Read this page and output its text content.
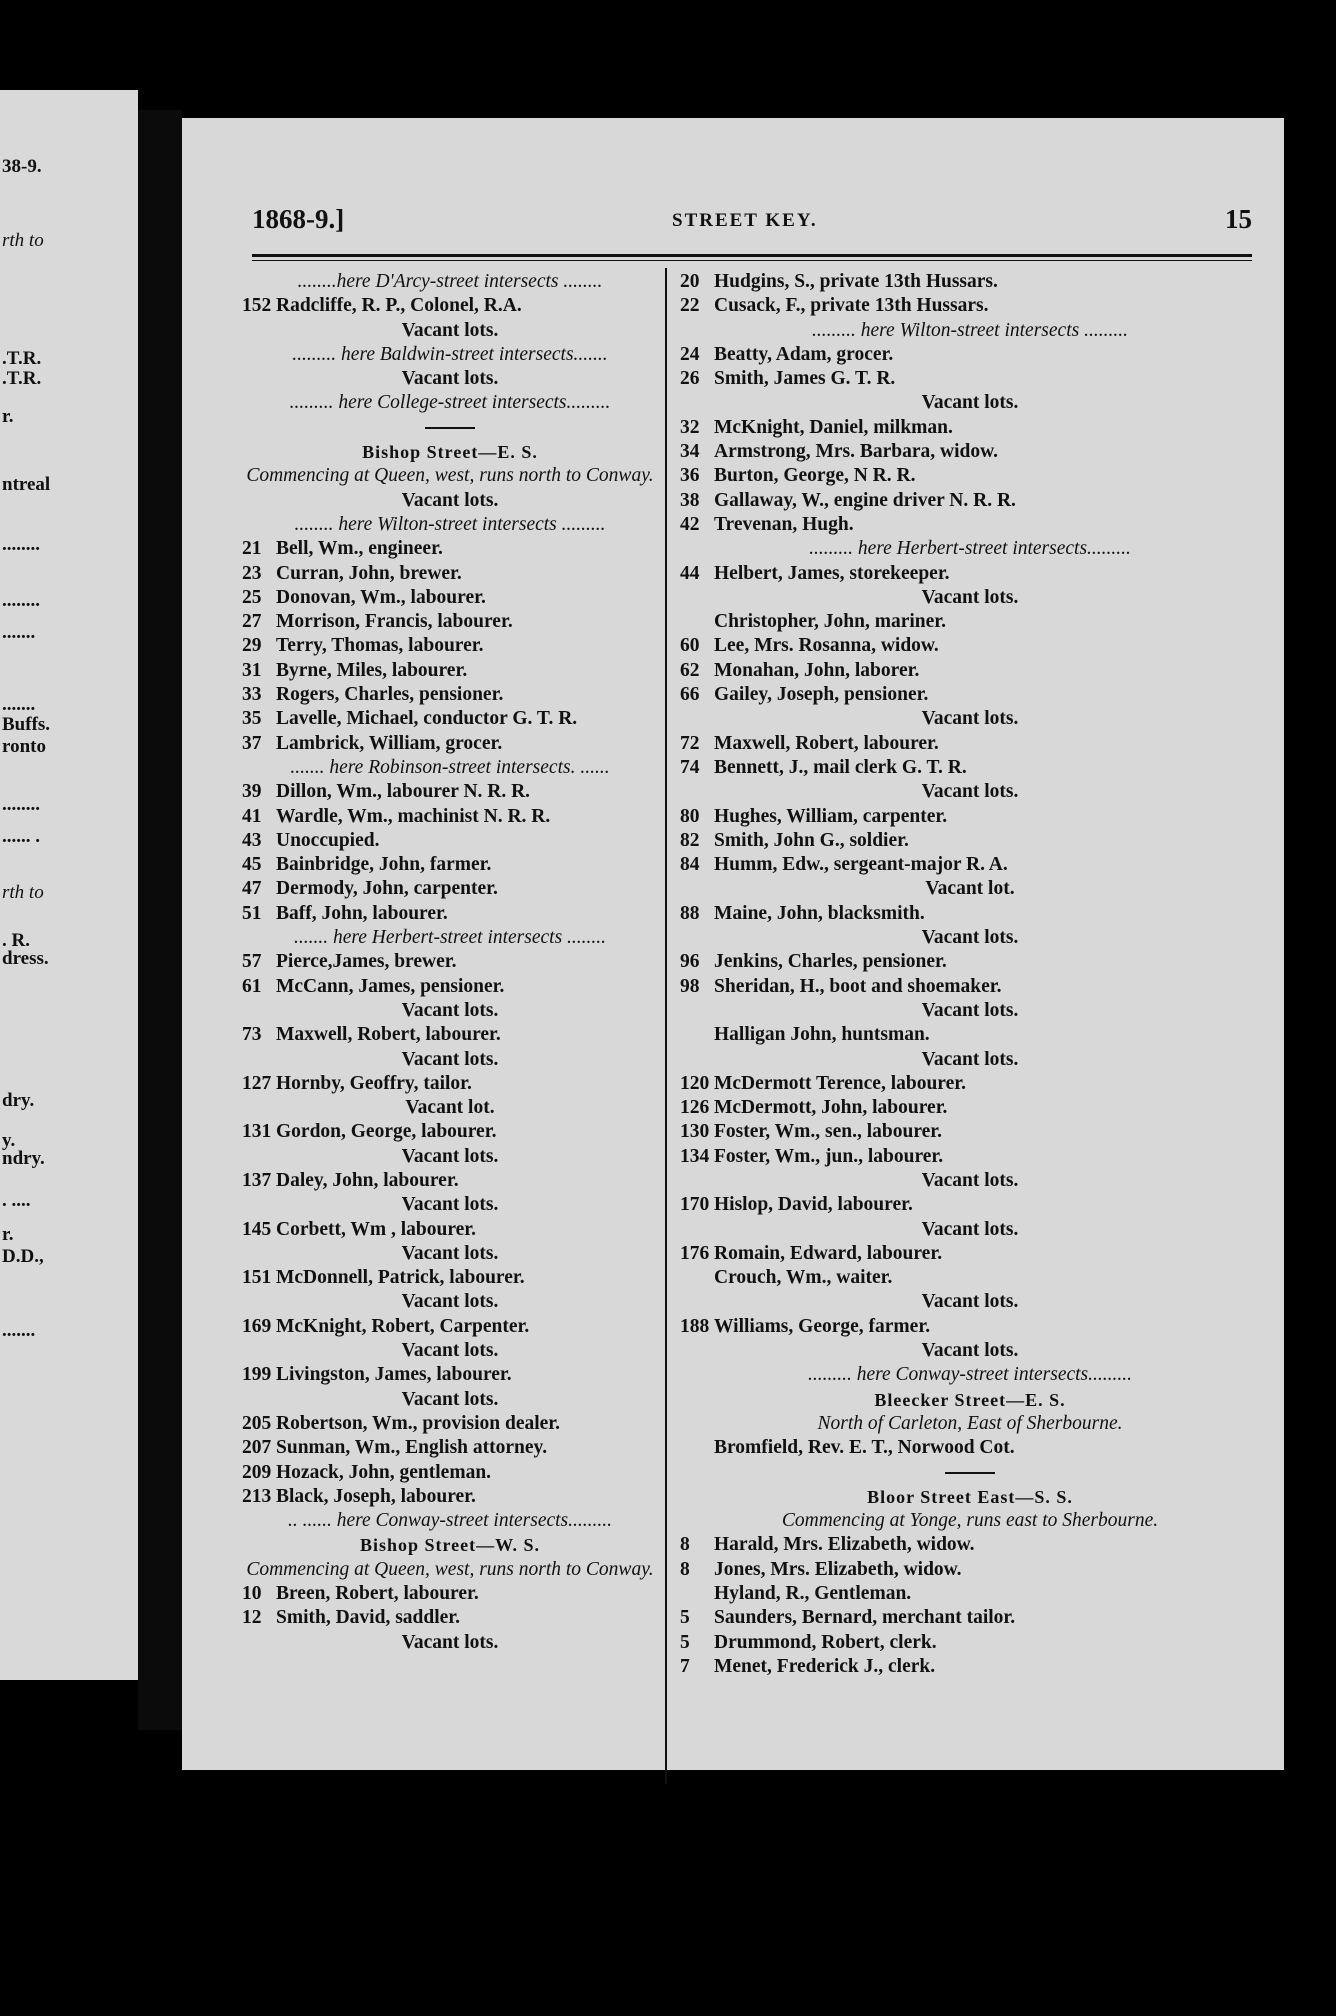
38-9.
rth to
.T.R.
.T.R.
r.
ntreal
........
........
.......
.......
Buffs.
ronto
........
...... .
rth to
. R.
dress.
dry.
y.
ndry.
. ....
r.
D.D.,
.......
1868-9.]	STREET KEY.	15
........here D'Arcy-street intersects ........
152 Radcliffe, R. P., Colonel, R.A.
Vacant lots.
......... here Baldwin-street intersects.......
Vacant lots.
......... here College-street intersects.........
Bishop Street—E. S.
Commencing at Queen, west, runs north to Conway.
Vacant lots.
........ here Wilton-street intersects .........
21 Bell, Wm., engineer.
23 Curran, John, brewer.
25 Donovan, Wm., labourer.
27 Morrison, Francis, labourer.
29 Terry, Thomas, labourer.
31 Byrne, Miles, labourer.
33 Rogers, Charles, pensioner.
35 Lavelle, Michael, conductor G. T. R.
37 Lambrick, William, grocer.
....... here Robinson-street intersects. ......
39 Dillon, Wm., labourer N. R. R.
41 Wardle, Wm., machinist N. R. R.
43 Unoccupied.
45 Bainbridge, John, farmer.
47 Dermody, John, carpenter.
51 Baff, John, labourer.
....... here Herbert-street intersects ........
57 Pierce,James, brewer.
61 McCann, James, pensioner.
Vacant lots.
73 Maxwell, Robert, labourer.
Vacant lots.
127 Hornby, Geoffry, tailor.
Vacant lot.
131 Gordon, George, labourer.
Vacant lots.
137 Daley, John, labourer.
Vacant lots.
145 Corbett, Wm , labourer.
Vacant lots.
151 McDonnell, Patrick, labourer.
Vacant lots.
169 McKnight, Robert, Carpenter.
Vacant lots.
199 Livingston, James, labourer.
Vacant lots.
205 Robertson, Wm., provision dealer.
207 Sunman, Wm., English attorney.
209 Hozack, John, gentleman.
213 Black, Joseph, labourer.
.. ...... here Conway-street intersects.........
Bishop Street—W. S.
Commencing at Queen, west, runs north to Conway.
10 Breen, Robert, labourer.
12 Smith, David, saddler.
Vacant lots.
20 Hudgins, S., private 13th Hussars.
22 Cusack, F., private 13th Hussars.
......... here Wilton-street intersects .........
24 Beatty, Adam, grocer.
26 Smith, James G. T. R.
Vacant lots.
32 McKnight, Daniel, milkman.
34 Armstrong, Mrs. Barbara, widow.
36 Burton, George, N R. R.
38 Gallaway, W., engine driver N. R. R.
42 Trevenan, Hugh.
......... here Herbert-street intersects.........
44 Helbert, James, storekeeper.
Vacant lots.
Christopher, John, mariner.
60 Lee, Mrs. Rosanna, widow.
62 Monahan, John, laborer.
66 Gailey, Joseph, pensioner.
Vacant lots.
72 Maxwell, Robert, labourer.
74 Bennett, J., mail clerk G. T. R.
Vacant lots.
80 Hughes, William, carpenter.
82 Smith, John G., soldier.
84 Humm, Edw., sergeant-major R. A.
Vacant lot.
88 Maine, John, blacksmith.
Vacant lots.
96 Jenkins, Charles, pensioner.
98 Sheridan, H., boot and shoemaker.
Vacant lots.
Halligan John, huntsman.
Vacant lots.
120 McDermott Terence, labourer.
126 McDermott, John, labourer.
130 Foster, Wm., sen., labourer.
134 Foster, Wm., jun., labourer.
Vacant lots.
170 Hislop, David, labourer.
Vacant lots.
176 Romain, Edward, labourer.
Crouch, Wm., waiter.
Vacant lots.
188 Williams, George, farmer.
Vacant lots.
......... here Conway-street intersects.........
Bleecker Street—E. S.
North of Carleton, East of Sherbourne.
Bromfield, Rev. E. T., Norwood Cot.
Bloor Street East—S. S.
Commencing at Yonge, runs east to Sherbourne.
8 Harald, Mrs. Elizabeth, widow.
8 Jones, Mrs. Elizabeth, widow.
Hyland, R., Gentleman.
5 Saunders, Bernard, merchant tailor.
5 Drummond, Robert, clerk.
7 Menet, Frederick J., clerk.
